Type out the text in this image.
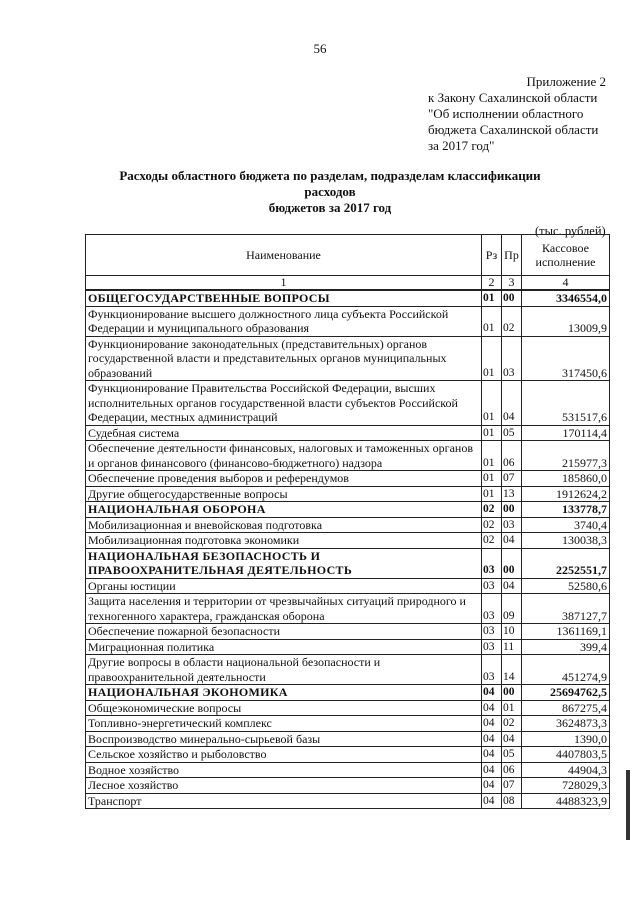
56
Приложение 2
к Закону Сахалинской области
"Об исполнении областного
бюджета Сахалинской области
за 2017 год"
Расходы областного бюджета по разделам, подразделам классификации расходов
бюджетов за 2017 год
(тыс. рублей)
Наименование	Рз	Пр	Кассовое
исполнение

1	2	3	4
ОБЩЕГОСУДАРСТВЕННЫЕ ВОПРОСЫ	01	00	3346554,0
Функционирование высшего должностного лица субъекта Российской Федерации и муниципального образования	01	02	13009,9
Функционирование законодательных (представительных) органов государственной власти и представительных органов муниципальных образований	01	03	317450,6
Функционирование Правительства Российской Федерации, высших исполнительных органов государственной власти субъектов Российской Федерации, местных администраций	01	04	531517,6
Судебная система	01	05	170114,4
Обеспечение деятельности финансовых, налоговых и таможенных органов и органов финансового (финансово-бюджетного) надзора	01	06	215977,3
Обеспечение проведения выборов и референдумов	01	07	185860,0
Другие общегосударственные вопросы	01	13	1912624,2
НАЦИОНАЛЬНАЯ ОБОРОНА	02	00	133778,7
Мобилизационная и вневойсковая подготовка	02	03	3740,4
Мобилизационная подготовка экономики	02	04	130038,3
НАЦИОНАЛЬНАЯ БЕЗОПАСНОСТЬ И ПРАВООХРАНИТЕЛЬНАЯ ДЕЯТЕЛЬНОСТЬ	03	00	2252551,7
Органы юстиции	03	04	52580,6
Защита населения и территории от чрезвычайных ситуаций природного и техногенного характера, гражданская оборона	03	09	387127,7
Обеспечение пожарной безопасности	03	10	1361169,1
Миграционная политика	03	11	399,4
Другие вопросы в области национальной безопасности и правоохранительной деятельности	03	14	451274,9
НАЦИОНАЛЬНАЯ ЭКОНОМИКА	04	00	25694762,5
Общеэкономические вопросы	04	01	867275,4
Топливно-энергетический комплекс	04	02	3624873,3
Воспроизводство минерально-сырьевой базы	04	04	1390,0
Сельское хозяйство и рыболовство	04	05	4407803,5
Водное хозяйство	04	06	44904,3
Лесное хозяйство	04	07	728029,3
Транспорт	04	08	4488323,9
